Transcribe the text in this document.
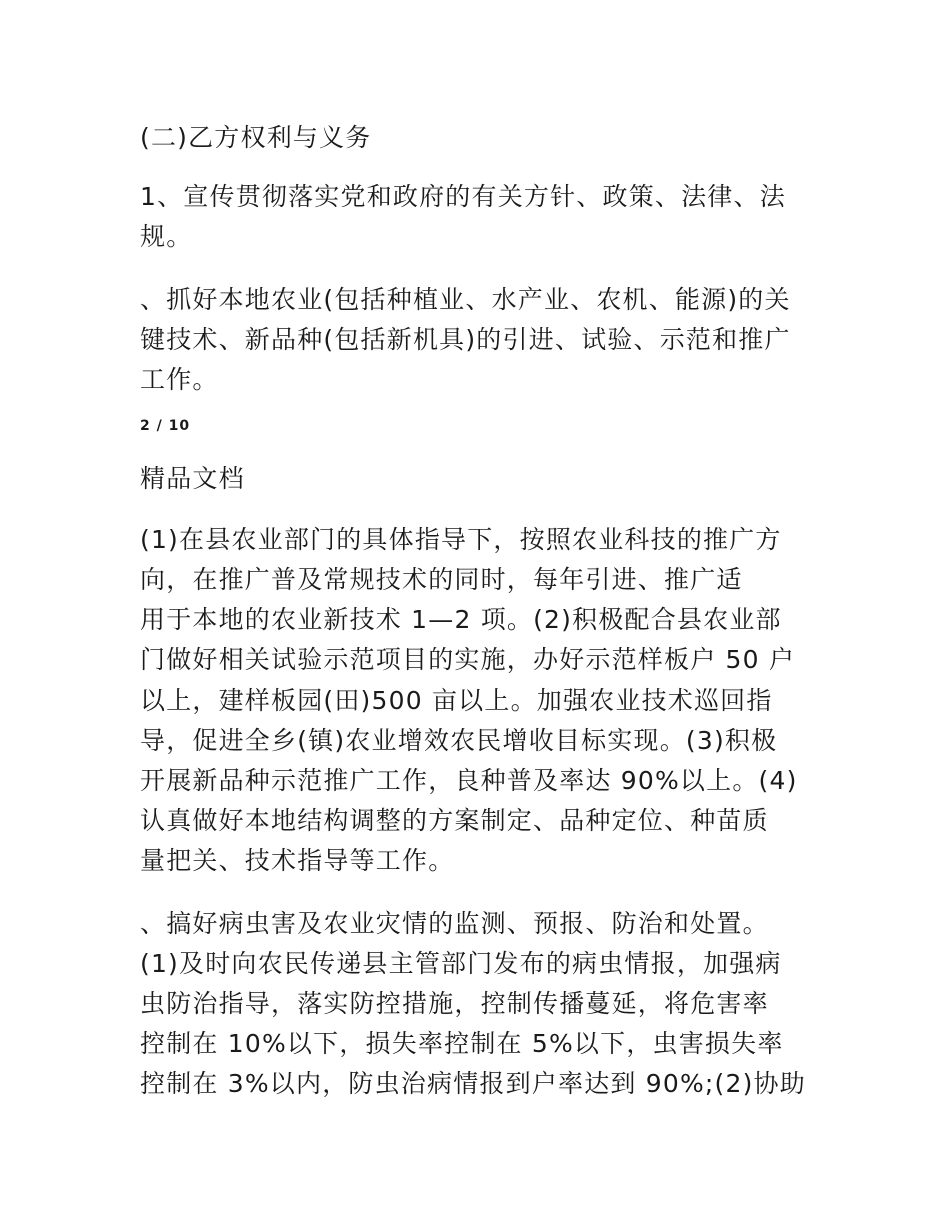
(二)乙方权利与义务
1、宣传贯彻落实党和政府的有关方针、政策、法律、法
规。
、抓好本地农业(包括种植业、水产业、农机、能源)的关
键技术、新品种(包括新机具)的引进、试验、示范和推广
工作。
2 / 10
精品文档
(1)在县农业部门的具体指导下，按照农业科技的推广方
向，在推广普及常规技术的同时，每年引进、推广适
用于本地的农业新技术 1—2 项。(2)积极配合县农业部
门做好相关试验示范项目的实施，办好示范样板户 50 户
以上，建样板园(田)500 亩以上。加强农业技术巡回指
导，促进全乡(镇)农业增效农民增收目标实现。(3)积极
开展新品种示范推广工作，良种普及率达 90%以上。(4)
认真做好本地结构调整的方案制定、品种定位、种苗质
量把关、技术指导等工作。
、搞好病虫害及农业灾情的监测、预报、防治和处置。
(1)及时向农民传递县主管部门发布的病虫情报，加强病
虫防治指导，落实防控措施，控制传播蔓延，将危害率
控制在 10%以下，损失率控制在 5%以下，虫害损失率
控制在 3%以内，防虫治病情报到户率达到 90%;(2)协助
